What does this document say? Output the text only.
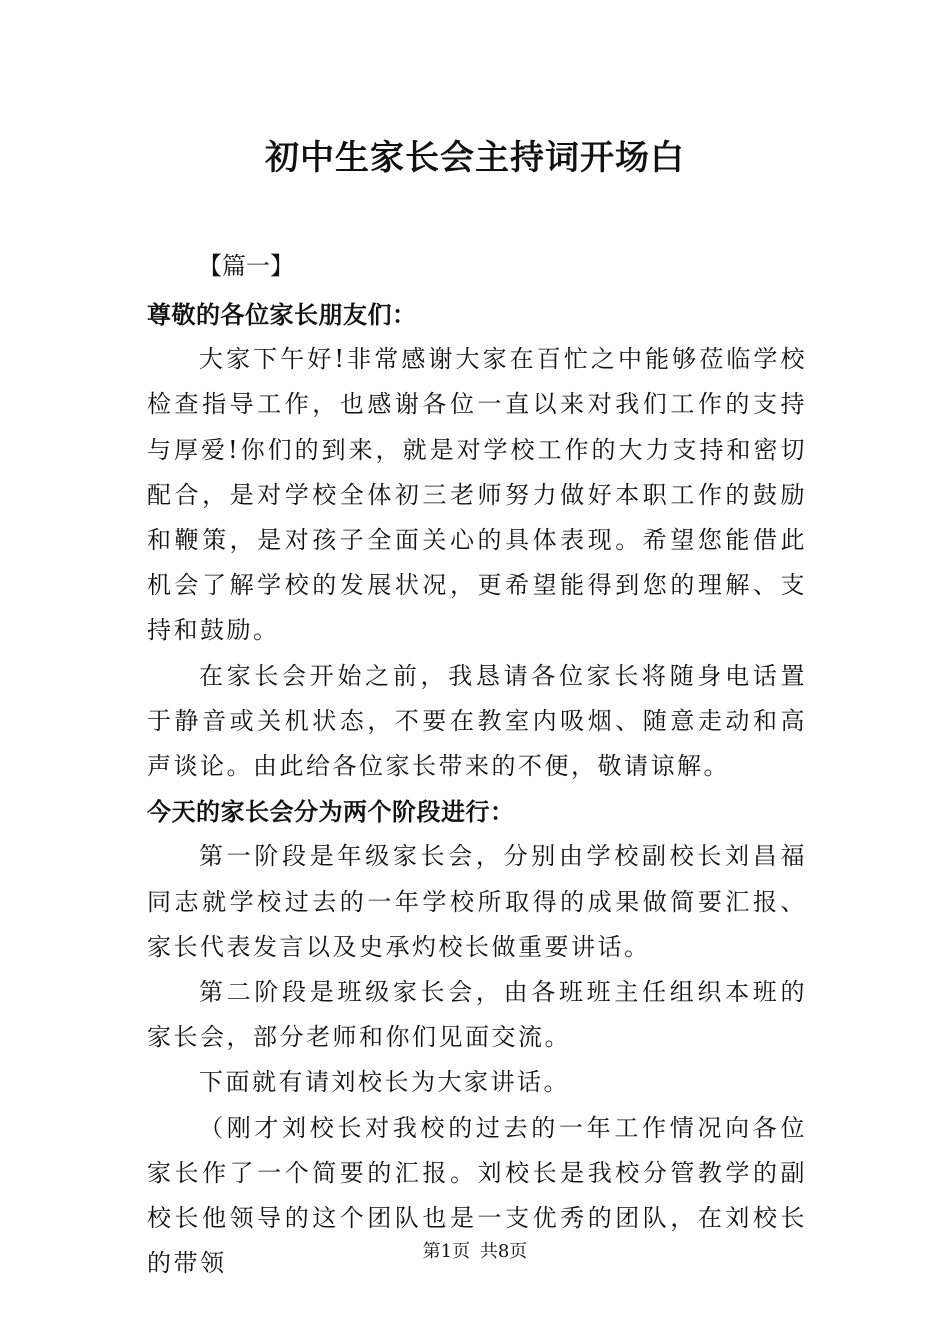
初中生家长会主持词开场白
【篇一】

尊敬的各位家长朋友们：

大家下午好!非常感谢大家在百忙之中能够莅临学校检查指导工作，也感谢各位一直以来对我们工作的支持与厚爱!你们的到来，就是对学校工作的大力支持和密切配合，是对学校全体初三老师努力做好本职工作的鼓励和鞭策，是对孩子全面关心的具体表现。希望您能借此机会了解学校的发展状况，更希望能得到您的理解、支持和鼓励。

在家长会开始之前，我恳请各位家长将随身电话置于静音或关机状态，不要在教室内吸烟、随意走动和高声谈论。由此给各位家长带来的不便，敬请谅解。

今天的家长会分为两个阶段进行：

第一阶段是年级家长会，分别由学校副校长刘昌福同志就学校过去的一年学校所取得的成果做简要汇报、家长代表发言以及史承灼校长做重要讲话。

第二阶段是班级家长会，由各班班主任组织本班的家长会，部分老师和你们见面交流。

下面就有请刘校长为大家讲话。

（刚才刘校长对我校的过去的一年工作情况向各位家长作了一个简要的汇报。刘校长是我校分管教学的副校长他领导的这个团队也是一支优秀的团队，在刘校长的带领	第1页 共8页
